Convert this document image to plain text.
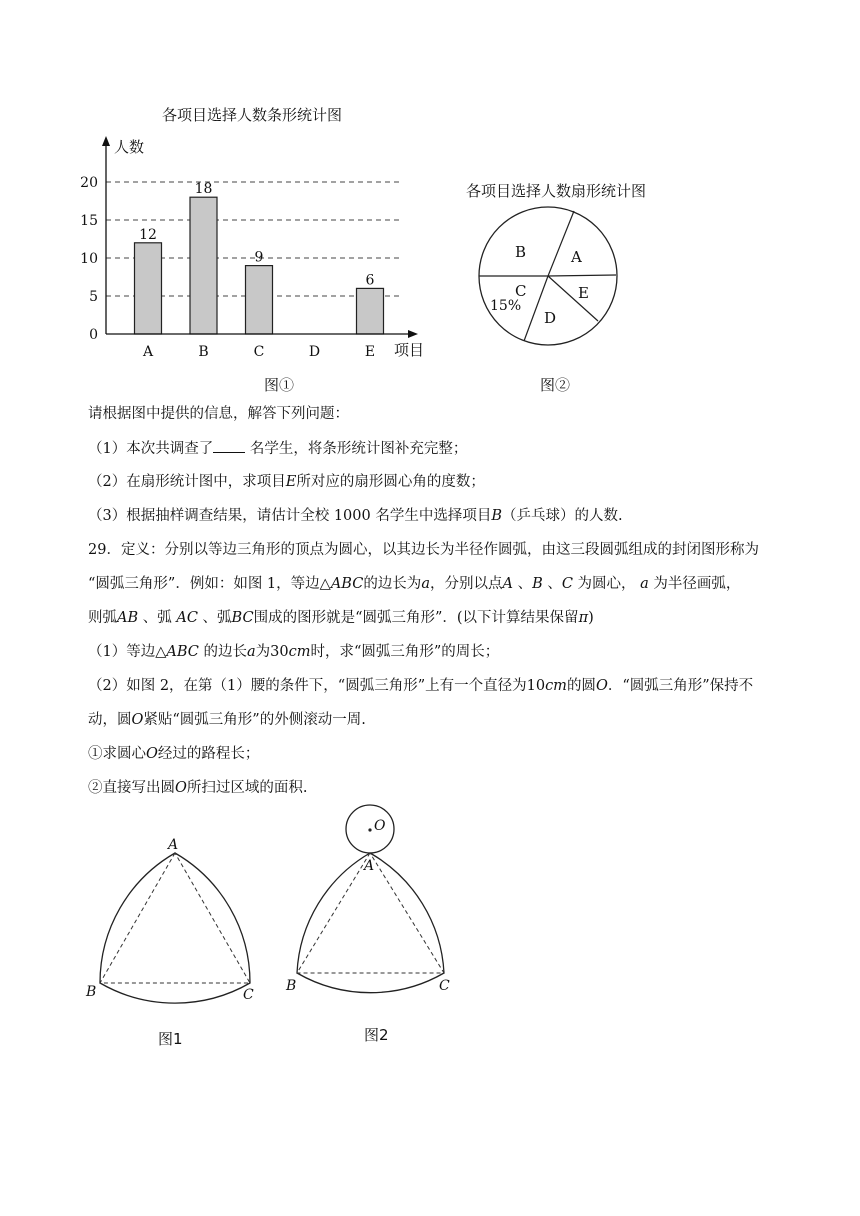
各项目选择人数条形统计图
12
18
9
6
0
5
10
15
20
A	B	C	D	E
人数
项目
图①
各项目选择人数扇形统计图
B	A
E
D
C
15%
图②
请根据图中提供的信息，解答下列问题：
（1）本次共调查了 名学生，将条形统计图补充完整；
（2）在扇形统计图中，求项目E所对应的扇形圆心角的度数；
（3）根据抽样调查结果，请估计全校 1000 名学生中选择项目B（乒乓球）的人数.
29．定义：分别以等边三角形的顶点为圆心，以其边长为半径作圆弧，由这三段圆弧组成的封闭图形称为
“圆弧三角形”．例如：如图 1，等边△ABC的边长为a，分别以点A 、B 、C 为圆心， a 为半径画弧，
则弧AB 、弧 AC 、弧BC围成的图形就是“圆弧三角形”．(以下计算结果保留π)
（1）等边△ABC 的边长a为30cm时，求“圆弧三角形”的周长；
（2）如图 2，在第（1）腰的条件下，“圆弧三角形”上有一个直径为10cm的圆O．“圆弧三角形”保持不
动，圆O紧贴“圆弧三角形”的外侧滚动一周.
①求圆心O经过的路程长；
②直接写出圆O所扫过区域的面积.
A
B	C
图1
O
A
B	C
图2
